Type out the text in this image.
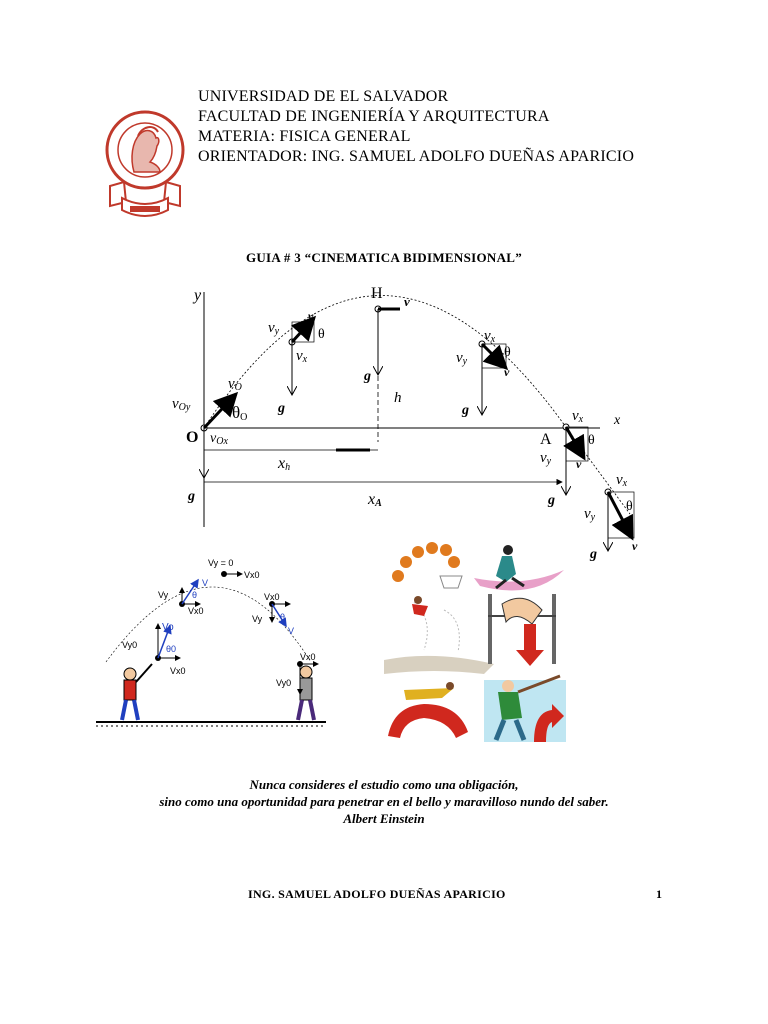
UNIVERSIDAD DE EL SALVADOR
FACULTAD DE INGENIERÍA Y ARQUITECTURA
MATERIA: FISICA GENERAL
ORIENTADOR: ING. SAMUEL ADOLFO DUEÑAS APARICIO
GUIA # 3 “CINEMATICA BIDIMENSIONAL”
y	H v
O	A
x
vO
vOy θO
vOx
vy
v
θ
vx
vx
vy
θ
v
vx
vy
θ
v
vx
vy
θ
v
h
xh
xA
g
g
g
g
g
g
Vy = 0
Vx0
V
Vy	θ
Vx0
Vo
Vy0	θ0
Vx0
Vx0
Vy θ
V
Vx0
Vy0
Nunca consideres el estudio como una obligación,
sino como una oportunidad para penetrar en el bello y maravilloso nundo del saber.
Albert Einstein
ING. SAMUEL ADOLFO DUEÑAS APARICIO	1
